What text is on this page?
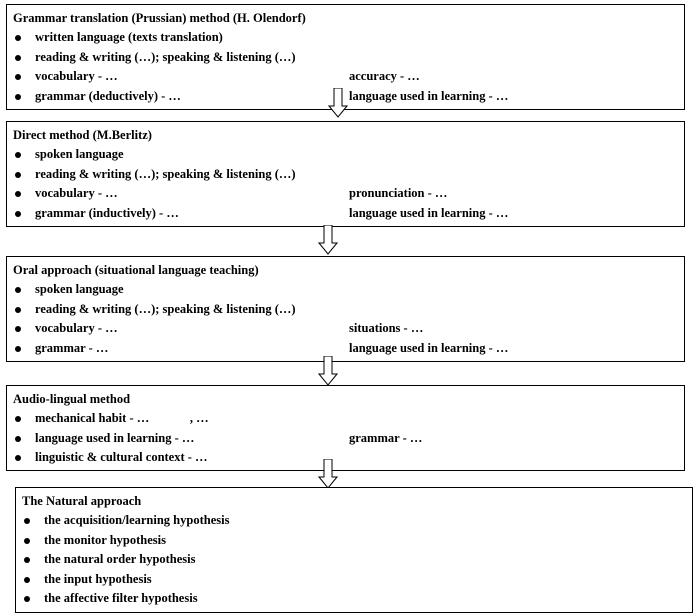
Grammar translation (Prussian) method (H. Olendorf)
written language (texts translation)
reading & writing (…); speaking & listening (…)
vocabulary - …	accuracy - …
grammar (deductively) - …	language used in learning - …
Direct method (M.Berlitz)
spoken language
reading & writing (…); speaking & listening (…)
vocabulary - …	pronunciation - …
grammar (inductively) - …	language used in learning - …
Oral approach (situational language teaching)
spoken language
reading & writing (…); speaking & listening (…)
vocabulary - …	situations - …
grammar - …	language used in learning - …
Audio-lingual method
mechanical habit - …             , …
language used in learning - …	grammar - …
linguistic & cultural context - …
The Natural approach
the acquisition/learning hypothesis
the monitor hypothesis
the natural order hypothesis
the input hypothesis
the affective filter hypothesis
